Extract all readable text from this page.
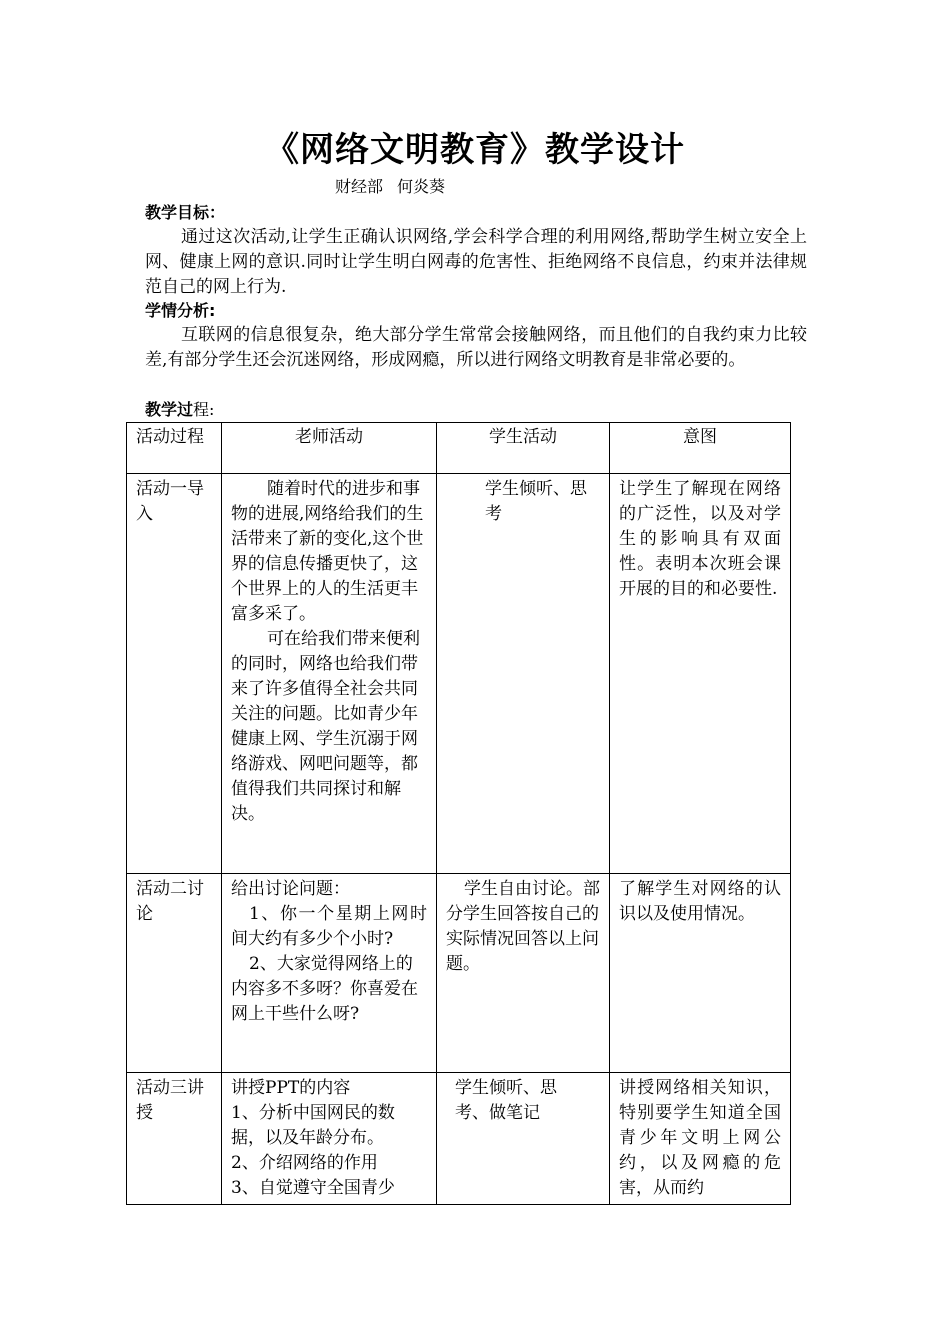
《网络文明教育》教学设计
财经部 何炎葵
教学目标：
通过这次活动,让学生正确认识网络,学会科学合理的利用网络,帮助学生树立安全上网、健康上网的意识.同时让学生明白网毒的危害性、拒绝网络不良信息，约束并法律规范自己的网上行为.
学情分析:
互联网的信息很复杂，绝大部分学生常常会接触网络，而且他们的自我约束力比较差,有部分学生还会沉迷网络，形成网瘾，所以进行网络文明教育是非常必要的。
教学过程:
活动过程	老师活动	学生活动	意图
活动一导入	随着时代的进步和事物的进展,网络给我们的生活带来了新的变化,这个世界的信息传播更快了，这个世界上的人的生活更丰富多采了。

可在给我们带来便利的同时，网络也给我们带来了许多值得全社会共同关注的问题。比如青少年健康上网、学生沉溺于网络游戏、网吧问题等，都值得我们共同探讨和解决。	学生倾听、思考	让学生了解现在网络的广泛性，以及对学生的影响具有双面性。表明本次班会课开展的目的和必要性.
活动二讨论	给出讨论问题：

1、你一个星期上网时间大约有多少个小时?

2、大家觉得网络上的内容多不多呀？你喜爱在网上干些什么呀?	学生自由讨论。部分学生回答按自己的实际情况回答以上问题。	了解学生对网络的认识以及使用情况。
活动三讲授	讲授PPT的内容

1、分析中国网民的数据，以及年龄分布。

2、介绍网络的作用

3、自觉遵守全国青少	学生倾听、思考、做笔记	讲授网络相关知识，特别要学生知道全国青少年文明上网公约，以及网瘾的危害，从而约
